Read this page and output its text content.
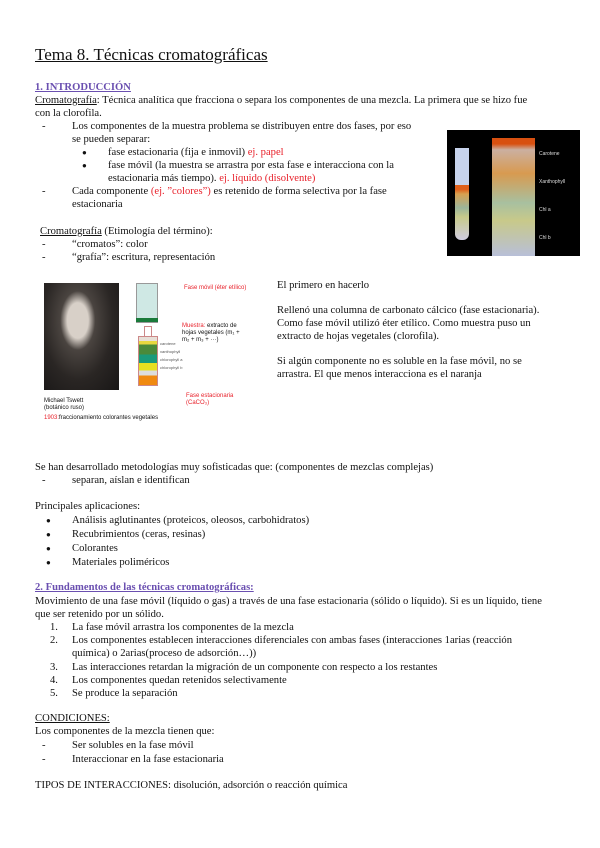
Tema 8. Técnicas cromatográficas
1. INTRODUCCIÓN
Cromatografía: Técnica analítica que fracciona o separa los componentes de una mezcla. La primera que se hizo fue
con la clorofila.
- Los componentes de la muestra problema se distribuyen entre dos fases, por eso
se pueden separar:
● fase estacionaria (fija e inmovil) ej. papel
● fase móvil (la muestra se arrastra por esta fase e interacciona con la
estacionaria más tiempo). ej. líquido (disolvente)
- Cada componente (ej. ”colores”) es retenido de forma selectiva por la fase
estacionaria
Cromatografía (Etimología del término):
- “cromatos”: color
- “grafía”: escritura, representación
Carotene
Xanthophyll
Chl a
Chl b
Michael Tswett
(botánico ruso)
1903:fraccionamiento colorantes vegetales
Fase móvil (éter etílico)
Muestra: extracto de hojas vegetales (m₁ + m₂ + m₃ + ···)
carotene
xanthophyll
chlorophyll a
chlorophyll b
Fase estacionaria (CaCO₃)
El primero en hacerlo
Rellenó una columna de carbonato cálcico (fase estacionaria).
Como fase móvil utilizó éter etílico. Como muestra puso un
extracto de hojas vegetales (clorofila).
Si algún componente no es soluble en la fase móvil, no se
arrastra. El que menos interacciona es el naranja
Se han desarrollado metodologías muy sofisticadas que: (componentes de mezclas complejas)
- separan, aíslan e identifican
Principales aplicaciones:
● Análisis aglutinantes (proteicos, oleosos, carbohidratos)
● Recubrimientos (ceras, resinas)
● Colorantes
● Materiales poliméricos
2. Fundamentos de las técnicas cromatográficas:
Movimiento de una fase móvil (líquido o gas) a través de una fase estacionaria (sólido o líquido). Si es un líquido, tiene
que ser retenido por un sólido.
1. La fase móvil arrastra los componentes de la mezcla
2. Los componentes establecen interacciones diferenciales con ambas fases (interacciones 1arias (reacción
química) o 2arias(proceso de adsorción…))
3. Las interacciones retardan la migración de un componente con respecto a los restantes
4. Los componentes quedan retenidos selectivamente
5. Se produce la separación
CONDICIONES:
Los componentes de la mezcla tienen que:
- Ser solubles en la fase móvil
- Interaccionar en la fase estacionaria
TIPOS DE INTERACCIONES: disolución, adsorción o reacción química
